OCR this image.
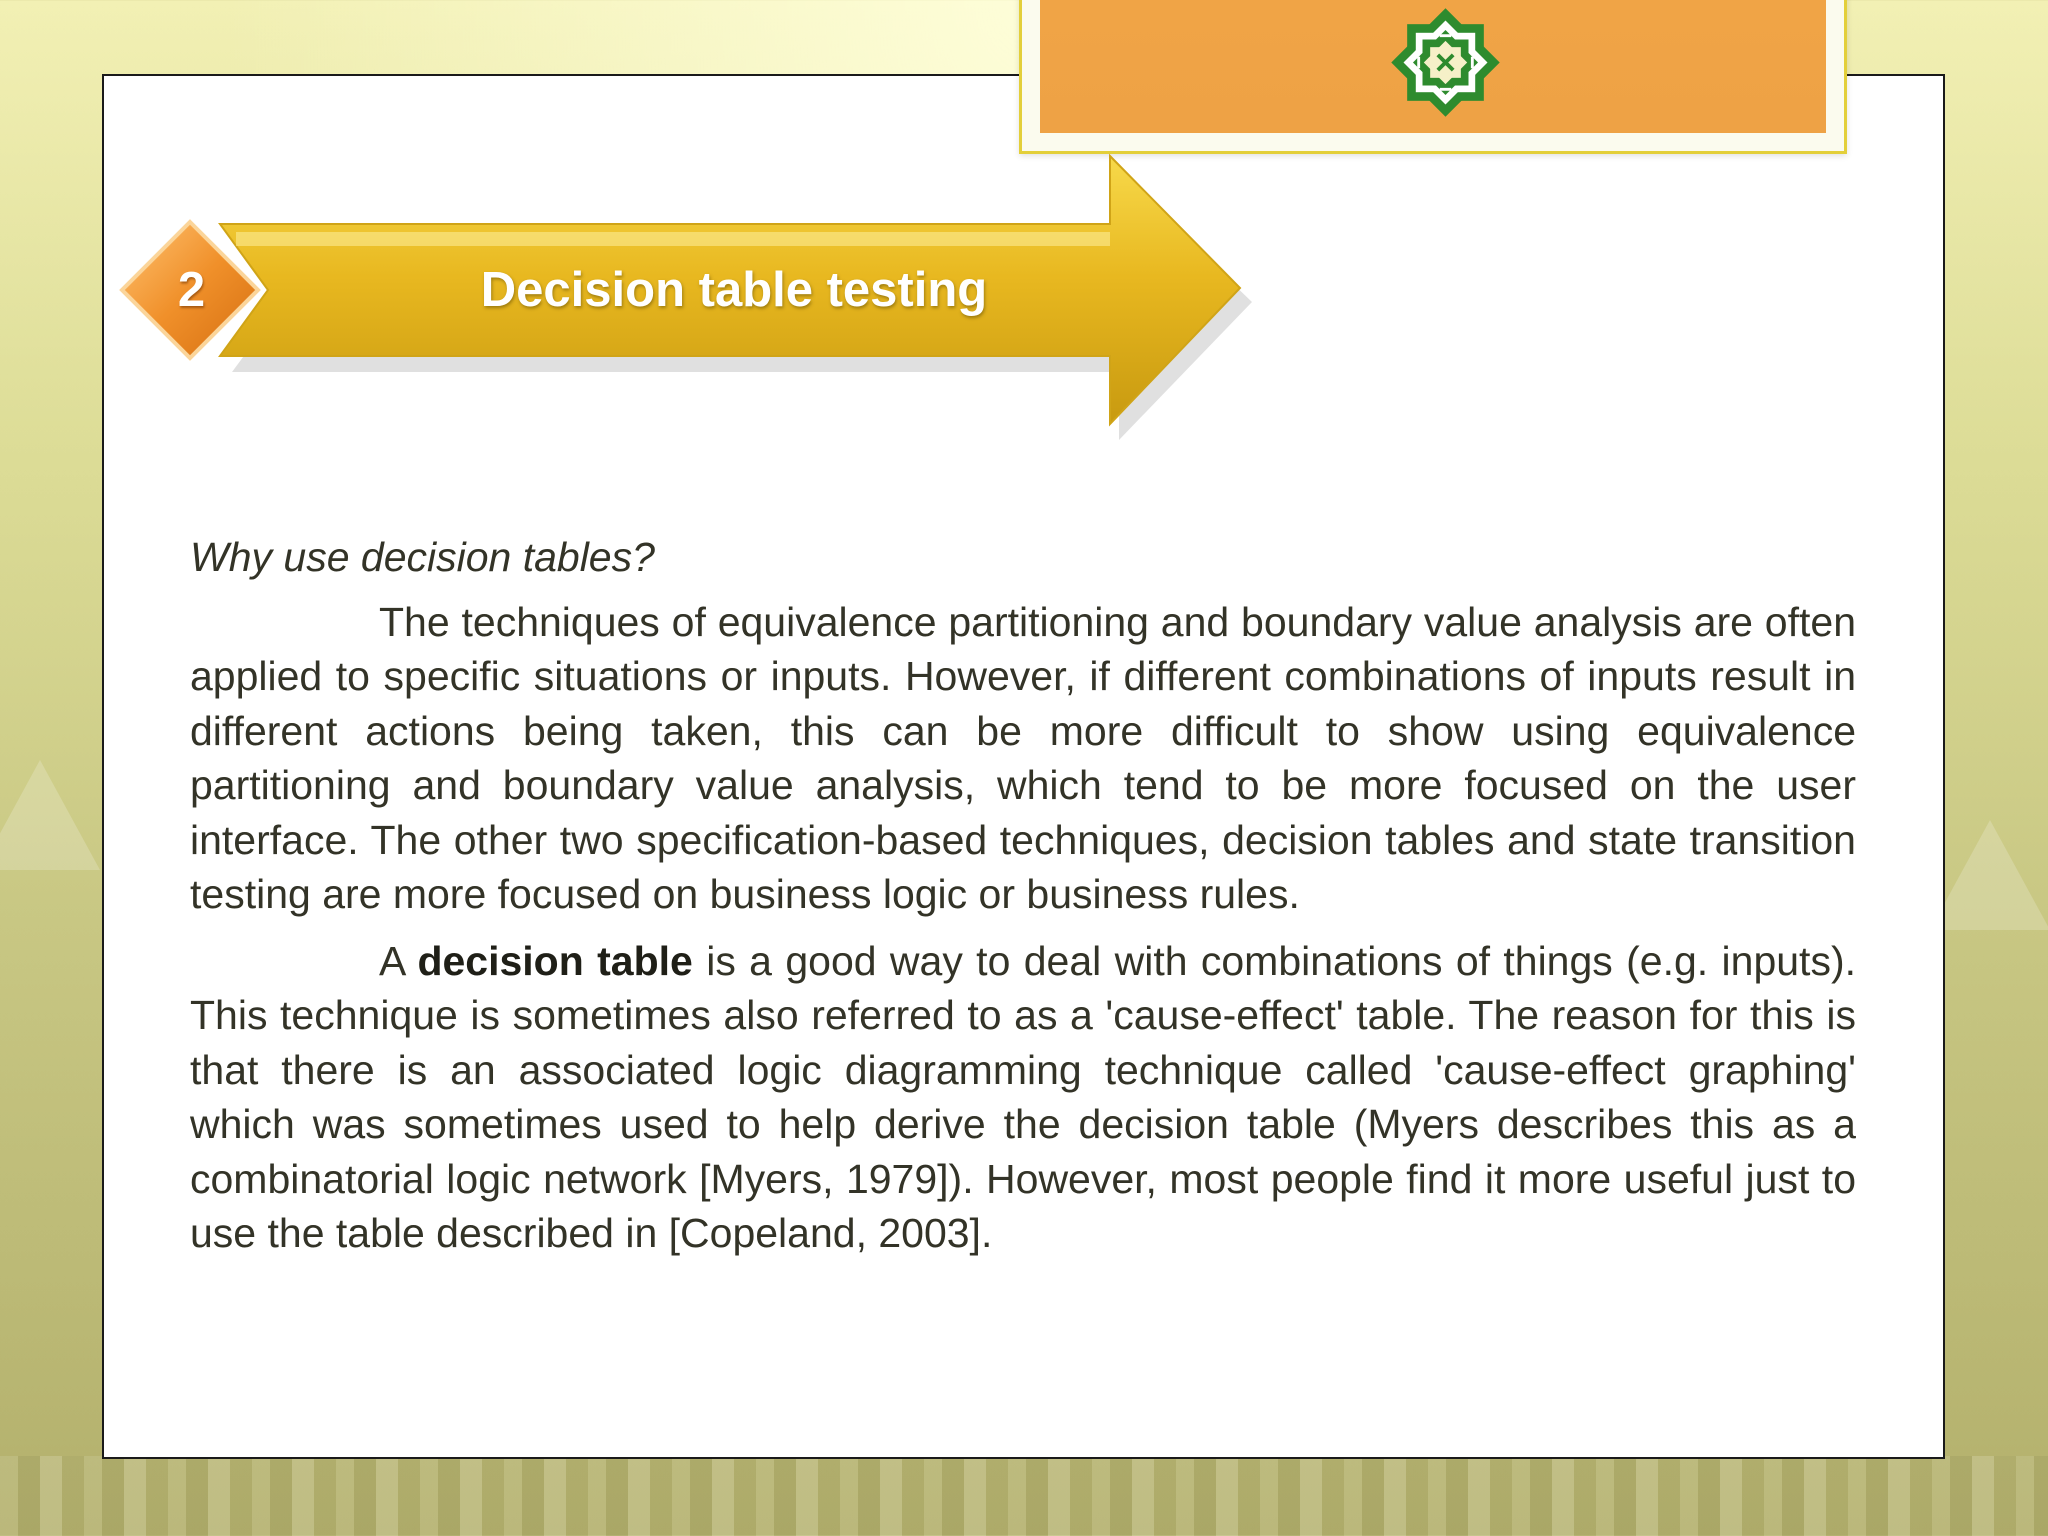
2	Decision table testing
Why use decision tables?

The techniques of equivalence partitioning and boundary value analysis are often applied to specific situations or inputs. However, if different combinations of inputs result in different actions being taken, this can be more difficult to show using equivalence partitioning and boundary value analysis, which tend to be more focused on the user interface. The other two specification-based techniques, decision tables and state transition testing are more focused on business logic or business rules.

A decision table is a good way to deal with combinations of things (e.g. inputs). This technique is sometimes also referred to as a 'cause-effect' table. The reason for this is that there is an associated logic diagramming technique called 'cause-effect graphing' which was sometimes used to help derive the decision table (Myers describes this as a combinatorial logic network [Myers, 1979]). However, most people find it more useful just to use the table described in [Copeland, 2003].
